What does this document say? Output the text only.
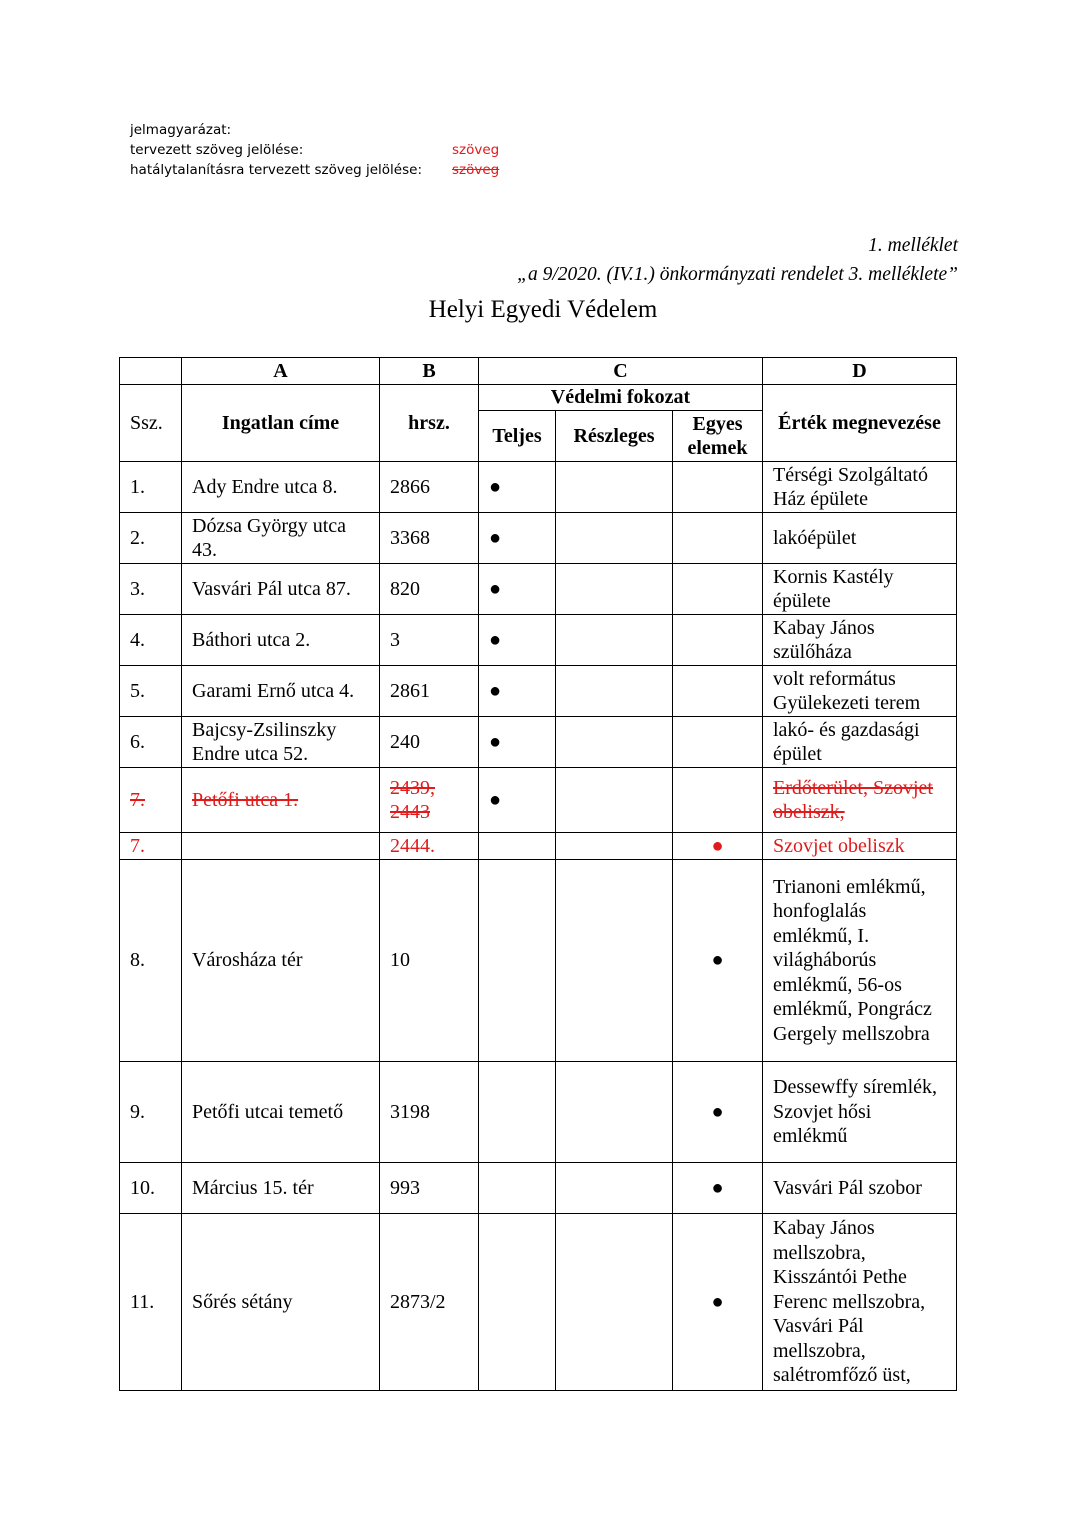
jelmagyarázat:
tervezett szöveg jelölése:	szöveg
hatálytalanításra tervezett szöveg jelölése:	szöveg
1. melléklet
„a 9/2020. (IV.1.) önkormányzati rendelet 3. melléklete”
Helyi Egyedi Védelem
	A	B	C			D
Ssz.	Ingatlan címe	hrsz.	Védelmi fokozat			Érték megnevezése
			Teljes	Részleges	Egyes elemek	
1.	Ady Endre utca 8.	2866	●			Térségi Szolgáltató Ház épülete
2.	Dózsa György utca 43.	3368	●			lakóépület
3.	Vasvári Pál utca 87.	820	●			Kornis Kastély épülete
4.	Báthori utca 2.	3	●			Kabay János szülőháza
5.	Garami Ernő utca 4.	2861	●			volt református Gyülekezeti terem
6.	Bajcsy-Zsilinszky Endre utca 52.	240	●			lakó- és gazdasági épület
7.	Petőfi utca 1.	2439, 2443	●			Erdőterület, Szovjet obeliszk,
7.		2444.			●	Szovjet obeliszk
8.	Városháza tér	10			●	Trianoni emlékmű, honfoglalás emlékmű, I. világháborús emlékmű, 56-os emlékmű, Pongrácz Gergely mellszobra
9.	Petőfi utcai temető	3198			●	Dessewffy síremlék, Szovjet hősi emlékmű
10.	Március 15. tér	993			●	Vasvári Pál szobor
11.	Sőrés sétány	2873/2			●	Kabay János mellszobra, Kisszántói Pethe Ferenc mellszobra, Vasvári Pál mellszobra, salétromfőző üst,
